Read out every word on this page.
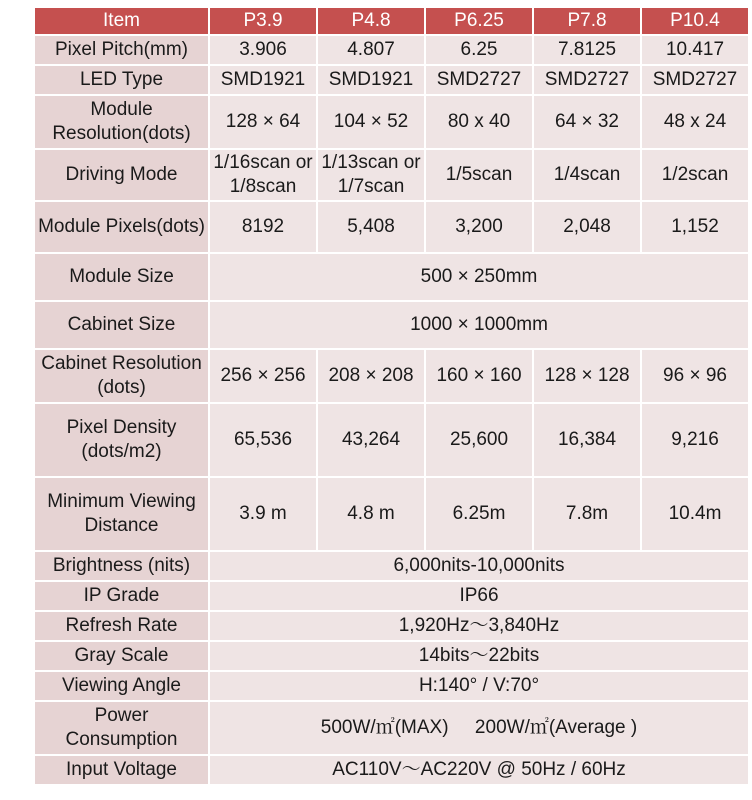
Item	P3.9	P4.8	P6.25	P7.8	P10.4
Pixel Pitch(mm)	3.906	4.807	6.25	7.8125	10.417
LED Type	SMD1921	SMD1921	SMD2727	SMD2727	SMD2727
Module Resolution(dots)	128 × 64	104 × 52	80 x 40	64 × 32	48 x 24
Driving Mode	1/16scan or 1/8scan	1/13scan or 1/7scan	1/5scan	1/4scan	1/2scan
Module Pixels(dots)	8192	5,408	3,200	2,048	1,152
Module Size	500 × 250mm				
Cabinet Size	1000 × 1000mm				
Cabinet Resolution (dots)	256 × 256	208 × 208	160 × 160	128 × 128	96 × 96
Pixel Density (dots/m2)	65,536	43,264	25,600	16,384	9,216
Minimum Viewing Distance	3.9 m	4.8 m	6.25m	7.8m	10.4m
Brightness (nits)	6,000nits-10,000nits				
IP Grade	IP66				
Refresh Rate	1,920Hz～3,840Hz				
Gray Scale	14bits～22bits				
Viewing Angle	H:140° / V:70°				
Power Consumption	500W/㎡(MAX)     200W/㎡(Average )				
Input Voltage	AC110V～AC220V @ 50Hz / 60Hz				
